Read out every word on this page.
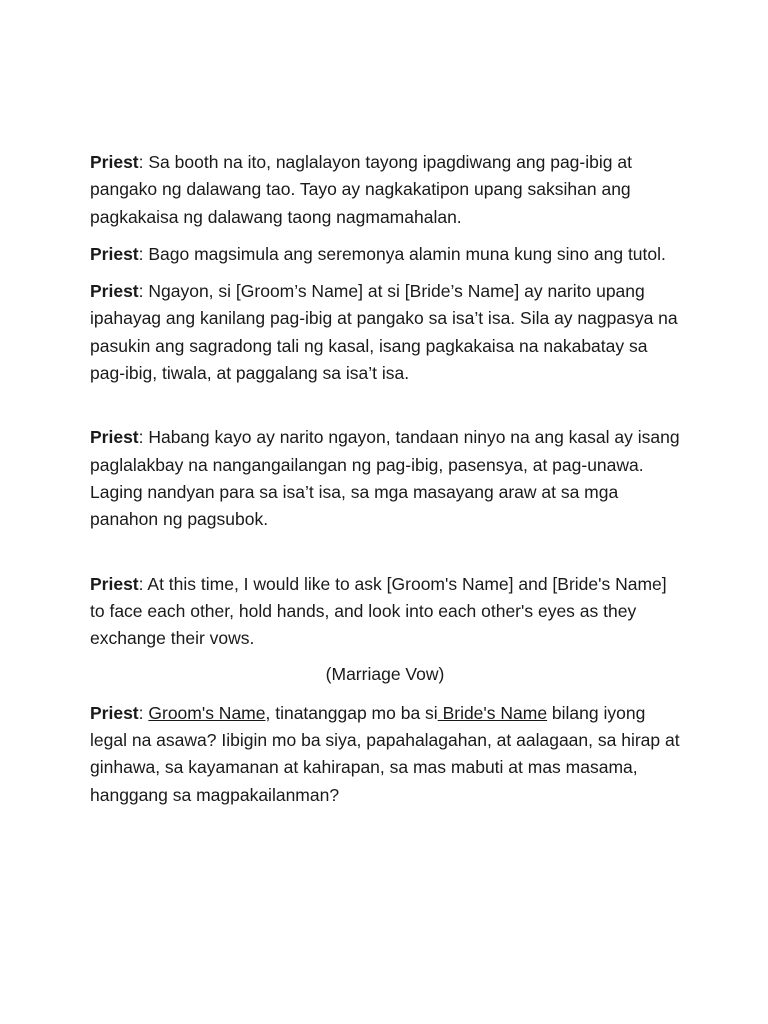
Priest: Sa booth na ito, naglalayon tayong ipagdiwang ang pag-ibig at pangako ng dalawang tao. Tayo ay nagkakatipon upang saksihan ang pagkakaisa ng dalawang taong nagmamahalan.

Priest: Bago magsimula ang seremonya alamin muna kung sino ang tutol.

Priest: Ngayon, si [Groom’s Name] at si [Bride’s Name] ay narito upang ipahayag ang kanilang pag-ibig at pangako sa isa’t isa. Sila ay nagpasya na pasukin ang sagradong tali ng kasal, isang pagkakaisa na nakabatay sa pag-ibig, tiwala, at paggalang sa isa’t isa.

Priest: Habang kayo ay narito ngayon, tandaan ninyo na ang kasal ay isang paglalakbay na nangangailangan ng pag-ibig, pasensya, at pag-unawa. Laging nandyan para sa isa’t isa, sa mga masayang araw at sa mga panahon ng pagsubok.

Priest: At this time, I would like to ask [Groom's Name] and [Bride's Name] to face each other, hold hands, and look into each other's eyes as they exchange their vows.

(Marriage Vow)

Priest: Groom's Name, tinatanggap mo ba si Bride's Name bilang iyong legal na asawa? Iibigin mo ba siya, papahalagahan, at aalagaan, sa hirap at ginhawa, sa kayamanan at kahirapan, sa mas mabuti at mas masama, hanggang sa magpakailanman?
